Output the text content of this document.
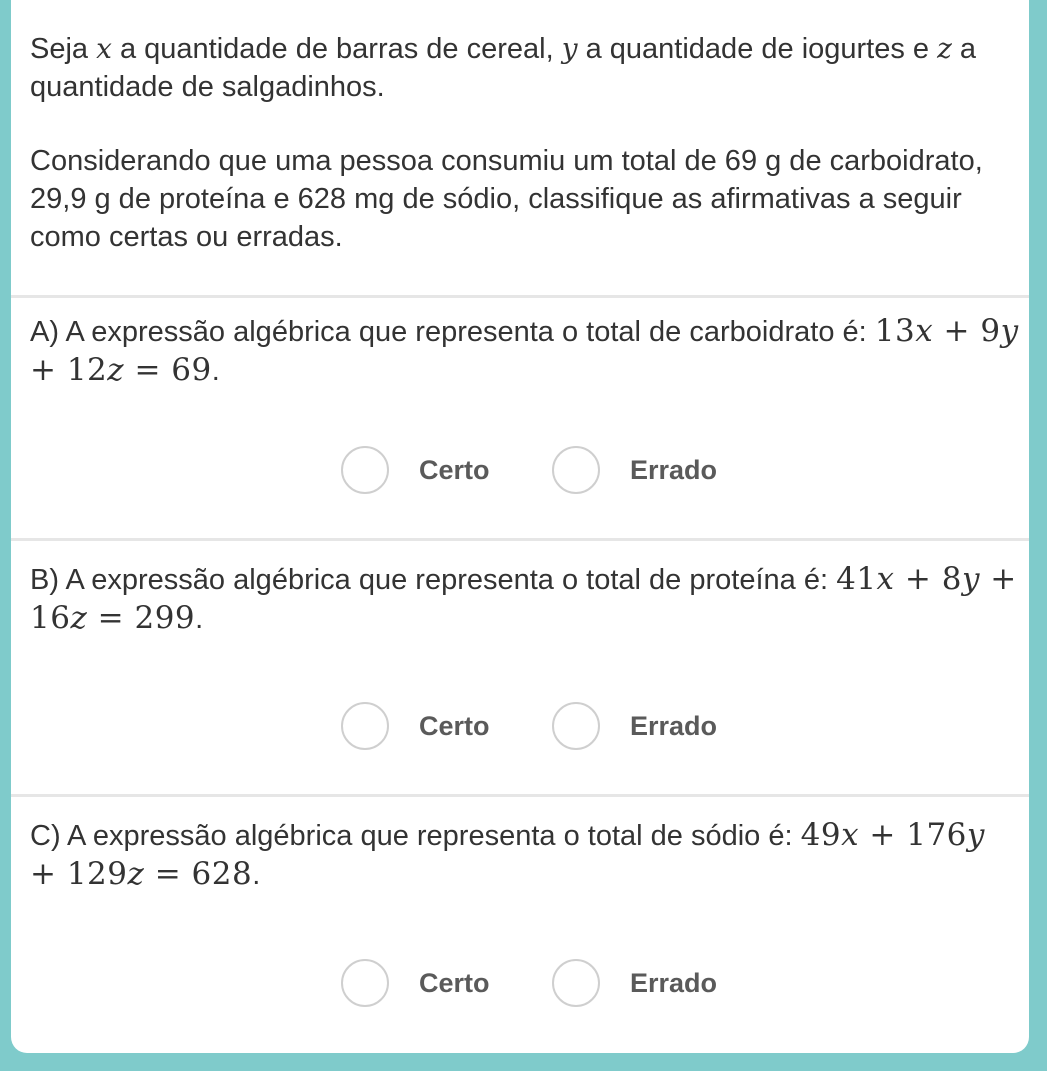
Seja x a quantidade de barras de cereal, y a quantidade de iogurtes e z a quantidade de salgadinhos.

Considerando que uma pessoa consumiu um total de 69 g de carboidrato, 29,9 g de proteína e 628 mg de sódio, classifique as afirmativas a seguir como certas ou erradas.

A) A expressão algébrica que representa o total de carboidrato é: 13x + 9y + 12z = 69.
Certo	Errado
B) A expressão algébrica que representa o total de proteína é: 41x + 8y + 16z = 299.
Certo	Errado
C) A expressão algébrica que representa o total de sódio é: 49x + 176y + 129z = 628.
Certo	Errado
